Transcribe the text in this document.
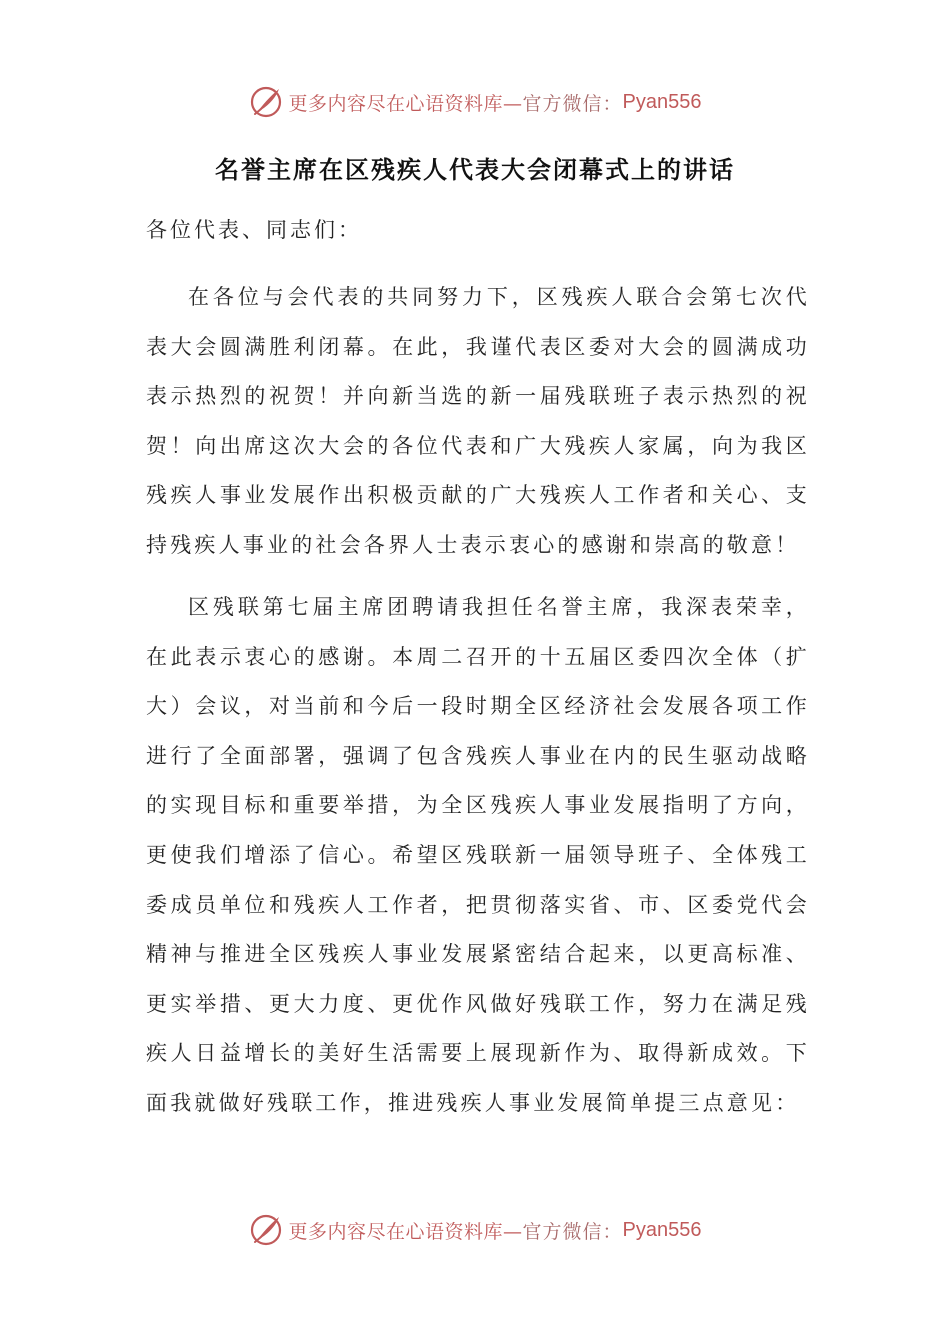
更多内容尽在心语资料库— 官方微信： Pyan556
名誉主席在区残疾人代表大会闭幕式上的讲话

各位代表、同志们：

在各位与会代表的共同努力下，区残疾人联合会第七次代表大会圆满胜利闭幕。在此，我谨代表区委对大会的圆满成功表示热烈的祝贺！并向新当选的新一届残联班子表示热烈的祝贺！向出席这次大会的各位代表和广大残疾人家属，向为我区残疾人事业发展作出积极贡献的广大残疾人工作者和关心、支持残疾人事业的社会各界人士表示衷心的感谢和崇高的敬意！

区残联第七届主席团聘请我担任名誉主席，我深表荣幸，在此表示衷心的感谢。本周二召开的十五届区委四次全体（扩大）会议，对当前和今后一段时期全区经济社会发展各项工作进行了全面部署，强调了包含残疾人事业在内的民生驱动战略的实现目标和重要举措，为全区残疾人事业发展指明了方向，更使我们增添了信心。希望区残联新一届领导班子、全体残工委成员单位和残疾人工作者，把贯彻落实省、市、区委党代会精神与推进全区残疾人事业发展紧密结合起来，以更高标准、更实举措、更大力度、更优作风做好残联工作，努力在满足残疾人日益增长的美好生活需要上展现新作为、取得新成效。下面我就做好残联工作，推进残疾人事业发展简单提三点意见：

更多内容尽在心语资料库— 官方微信： Pyan556
